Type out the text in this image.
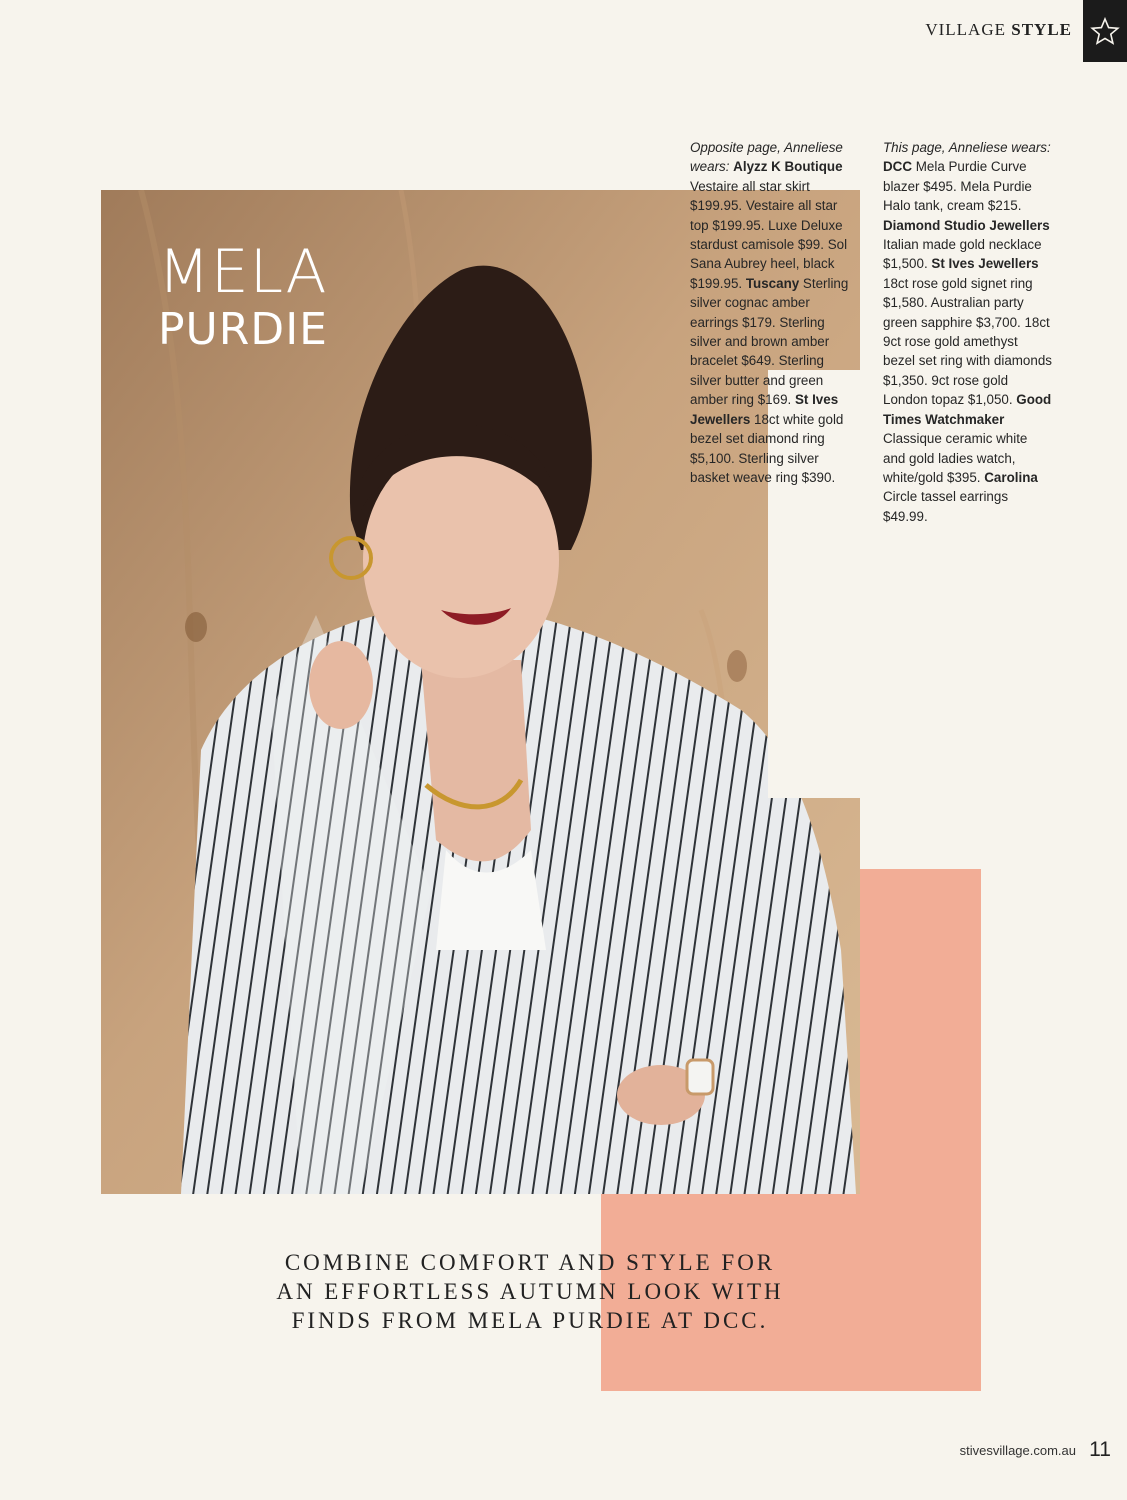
VILLAGE STYLE
MELA
PURDIE
Opposite page, Anneliese wears: Alyzz K Boutique Vestaire all star skirt $199.95. Vestaire all star top $199.95. Luxe Deluxe stardust camisole $99. Sol Sana Aubrey heel, black $199.95. Tuscany Sterling silver cognac amber earrings $179. Sterling silver and brown amber bracelet $649. Sterling silver butter and green amber ring $169. St Ives Jewellers 18ct white gold bezel set diamond ring $5,100. Sterling silver basket weave ring $390.
This page, Anneliese wears: DCC Mela Purdie Curve blazer $495. Mela Purdie Halo tank, cream $215. Diamond Studio Jewellers Italian made gold necklace $1,500. St Ives Jewellers 18ct rose gold signet ring $1,580. Australian party green sapphire $3,700. 18ct 9ct rose gold amethyst bezel set ring with diamonds $1,350. 9ct rose gold London topaz $1,050. Good Times Watchmaker Classique ceramic white and gold ladies watch, white/gold $395. Carolina Circle tassel earrings $49.99.
COMBINE COMFORT AND STYLE FOR
AN EFFORTLESS AUTUMN LOOK WITH
FINDS FROM MELA PURDIE AT DCC.
stivesvillage.com.au 11
